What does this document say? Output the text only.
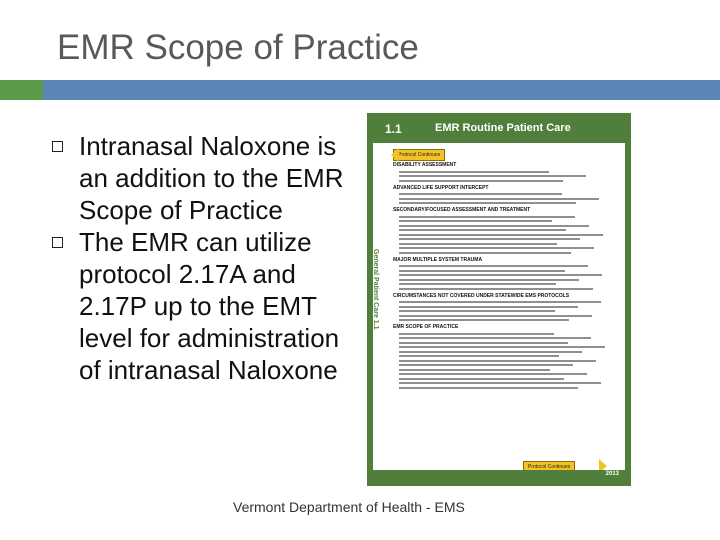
EMR Scope of Practice
Intranasal Naloxone is an addition to the EMR Scope of Practice
The EMR can utilize protocol 2.17A and 2.17P up to the EMT level for administration of intranasal Naloxone
1.1	EMR Routine Patient Care
General Patient Care 1.1
Protocol Continues
DISABILITY ASSESSMENT
ADVANCED LIFE SUPPORT INTERCEPT
SECONDARY/FOCUSED ASSESSMENT AND TREATMENT
MAJOR MULTIPLE SYSTEM TRAUMA
CIRCUMSTANCES NOT COVERED UNDER STATEWIDE EMS PROTOCOLS
EMR SCOPE OF PRACTICE
Protocol Continues
2013
Vermont Department of Health - EMS
